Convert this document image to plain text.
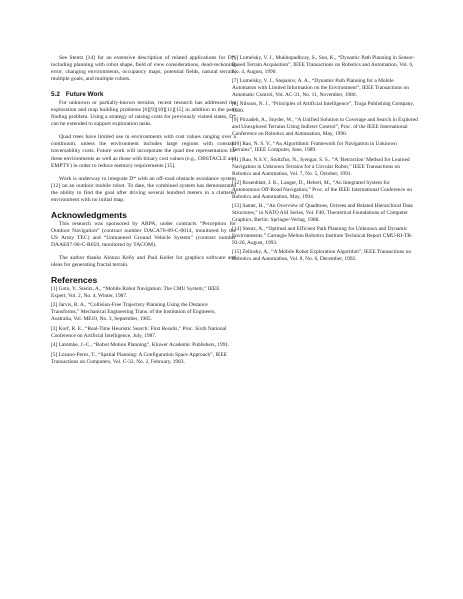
See Stentz [14] for an extensive description of related applications for D*, including planning with robot shape, field of view considerations, dead-reckoning error, changing environments, occupancy maps, potential fields, natural terrain, multiple goals, and multiple robots.

5.2 Future Work

For unknown or partially-known terrains, recent research has addressed the exploration and map building problems [6][9][10][11][15] in addition to the path finding problem. Using a strategy of raising costs for previously visited states, D* can be extended to support exploration tasks.

Quad trees have limited use in environments with cost values ranging over a continuum, unless the environment includes large regions with constant traversability costs. Future work will incorporate the quad tree representation for these environments as well as those with binary cost values (e.g., OBSTACLE and EMPTY) in order to reduce memory requirements [15].

Work is underway to integrate D* with an off-road obstacle avoidance system [12] on an outdoor mobile robot. To date, the combined system has demonstrated the ability to find the goal after driving several hundred meters in a cluttered environment with no initial map.

Acknowledgments

This research was sponsored by ARPA, under contracts “Perception for Outdoor Navigation” (contract number DACA76-89-C-0014, monitored by the US Army TEC) and “Unmanned Ground Vehicle System” (contract number DAAE07-90-C-R059, monitored by TACOM).

The author thanks Alonzo Kelly and Paul Keller for graphics software and ideas for generating fractal terrain.

References
[1] Goto, Y., Stentz, A., “Mobile Robot Navigation: The CMU System,” IEEE Expert, Vol. 2, No. 4, Winter, 1987.
[2] Jarvis, R. A., “Collision-Free Trajectory Planning Using the Distance Transforms,” Mechanical Engineering Trans. of the Institution of Engineers, Australia, Vol. ME10, No. 3, September, 1985.
[3] Korf, R. E., “Real-Time Heuristic Search: First Results,” Proc. Sixth National Conference on Artificial Intelligence, July, 1987.
[4] Latombe, J.-C., “Robot Motion Planning”, Kluwer Academic Publishers, 1991.
[5] Lozano-Perez, T., “Spatial Planning: A Configuration Space Approach”, IEEE Transactions on Computers, Vol. C-32, No. 2, February, 1983.
[6] Lumelsky, V. J., Mukhopadhyay, S., Sun, K., “Dynamic Path Planning in Sensor-Based Terrain Acquisition”, IEEE Transactions on Robotics and Automation, Vol. 6, No. 4, August, 1990.
[7] Lumelsky, V. J., Stepanov, A. A., “Dynamic Path Planning for a Mobile Automaton with Limited Information on the Environment”, IEEE Transactions on Automatic Control, Vol. AC-31, No. 11, November, 1986.
[8] Nilsson, N. J., “Principles of Artificial Intelligence”, Tioga Publishing Company, 1980.
[9] Pirzadeh, A., Snyder, W., “A Unified Solution to Coverage and Search in Explored and Unexplored Terrains Using Indirect Control”, Proc. of the IEEE International Conference on Robotics and Automation, May, 1990.
[10] Rao, N. S. V., “An Algorithmic Framework for Navigation in Unknown Terrains”, IEEE Computer, June, 1989.
[11] Rao, N.S.V., Stoltzfus, N., Iyengar, S. S., “A ‘Retraction’ Method for Learned Navigation in Unknown Terrains for a Circular Robot,” IEEE Transactions on Robotics and Automation, Vol. 7, No. 5, October, 1991.
[12] Rosenblatt, J. K., Langer, D., Hebert, M., “An Integrated System for Autonomous Off-Road Navigation,” Proc. of the IEEE International Conference on Robotics and Automation, May, 1994.
[13] Samet, H., “An Overview of Quadtrees, Octrees and Related Hierarchical Data Structures,” in NATO ASI Series, Vol. F40, Theoretical Foundations of Computer Graphics, Berlin: Springer-Verlag, 1988.
[14] Stentz, A., “Optimal and Efficient Path Planning for Unknown and Dynamic Environments,” Carnegie Mellon Robotics Institute Technical Report CMU-RI-TR-93-20, August, 1993.
[15] Zelinsky, A., “A Mobile Robot Exploration Algorithm”, IEEE Transactions on Robotics and Automation, Vol. 8, No. 6, December, 1992.
